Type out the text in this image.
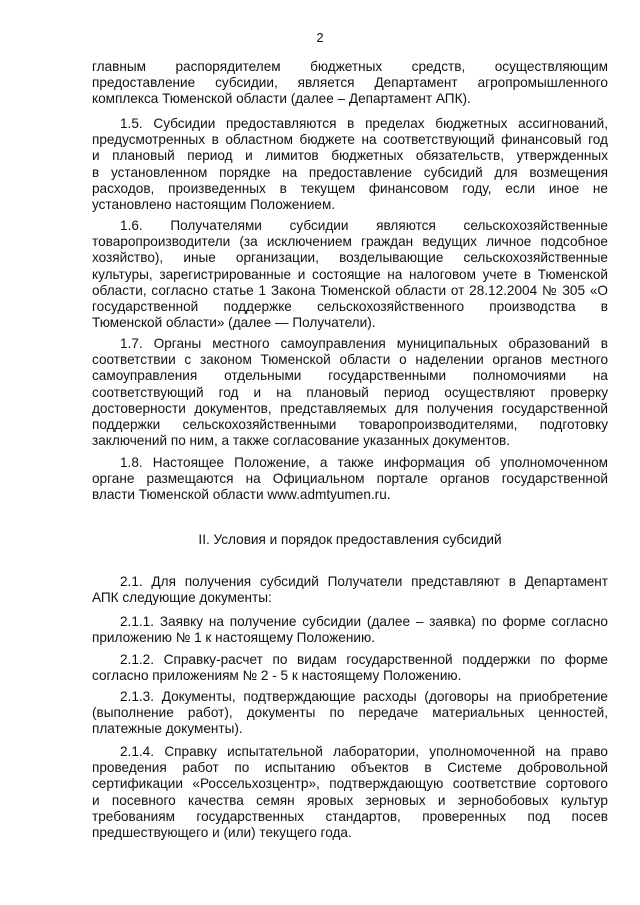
2
главным распорядителем бюджетных средств, осуществляющим
предоставление субсидии, является Департамент агропромышленного
комплекса Тюменской области (далее – Департамент АПК).
1.5. Субсидии предоставляются в пределах бюджетных ассигнований,
предусмотренных в областном бюджете на соответствующий финансовый год
и плановый период и лимитов бюджетных обязательств, утвержденных
в установленном порядке на предоставление субсидий для возмещения
расходов, произведенных в текущем финансовом году, если иное не
установлено настоящим Положением.
1.6. Получателями субсидии являются сельскохозяйственные
товаропроизводители (за исключением граждан ведущих личное подсобное
хозяйство), иные организации, возделывающие сельскохозяйственные
культуры, зарегистрированные и состоящие на налоговом учете в Тюменской
области, согласно статье 1 Закона Тюменской области от 28.12.2004 № 305 «О
государственной поддержке сельскохозяйственного производства в
Тюменской области» (далее — Получатели).
1.7. Органы местного самоуправления муниципальных образований в
соответствии с законом Тюменской области о наделении органов местного
самоуправления отдельными государственными полномочиями на
соответствующий год и на плановый период осуществляют проверку
достоверности документов, представляемых для получения государственной
поддержки сельскохозяйственными товаропроизводителями, подготовку
заключений по ним, а также согласование указанных документов.
1.8. Настоящее Положение, а также информация об уполномоченном
органе размещаются на Официальном портале органов государственной
власти Тюменской области www.admtyumen.ru.
II. Условия и порядок предоставления субсидий
2.1. Для получения субсидий Получатели представляют в Департамент
АПК следующие документы:
2.1.1. Заявку на получение субсидии (далее – заявка) по форме согласно
приложению № 1 к настоящему Положению.
2.1.2. Справку-расчет по видам государственной поддержки по форме
согласно приложениям № 2 - 5 к настоящему Положению.
2.1.3. Документы, подтверждающие расходы (договоры на приобретение
(выполнение работ), документы по передаче материальных ценностей,
платежные документы).
2.1.4. Справку испытательной лаборатории, уполномоченной на право
проведения работ по испытанию объектов в Системе добровольной
сертификации «Россельхозцентр», подтверждающую соответствие сортового
и посевного качества семян яровых зерновых и зернобобовых культур
требованиям государственных стандартов, проверенных под посев
предшествующего и (или) текущего года.
